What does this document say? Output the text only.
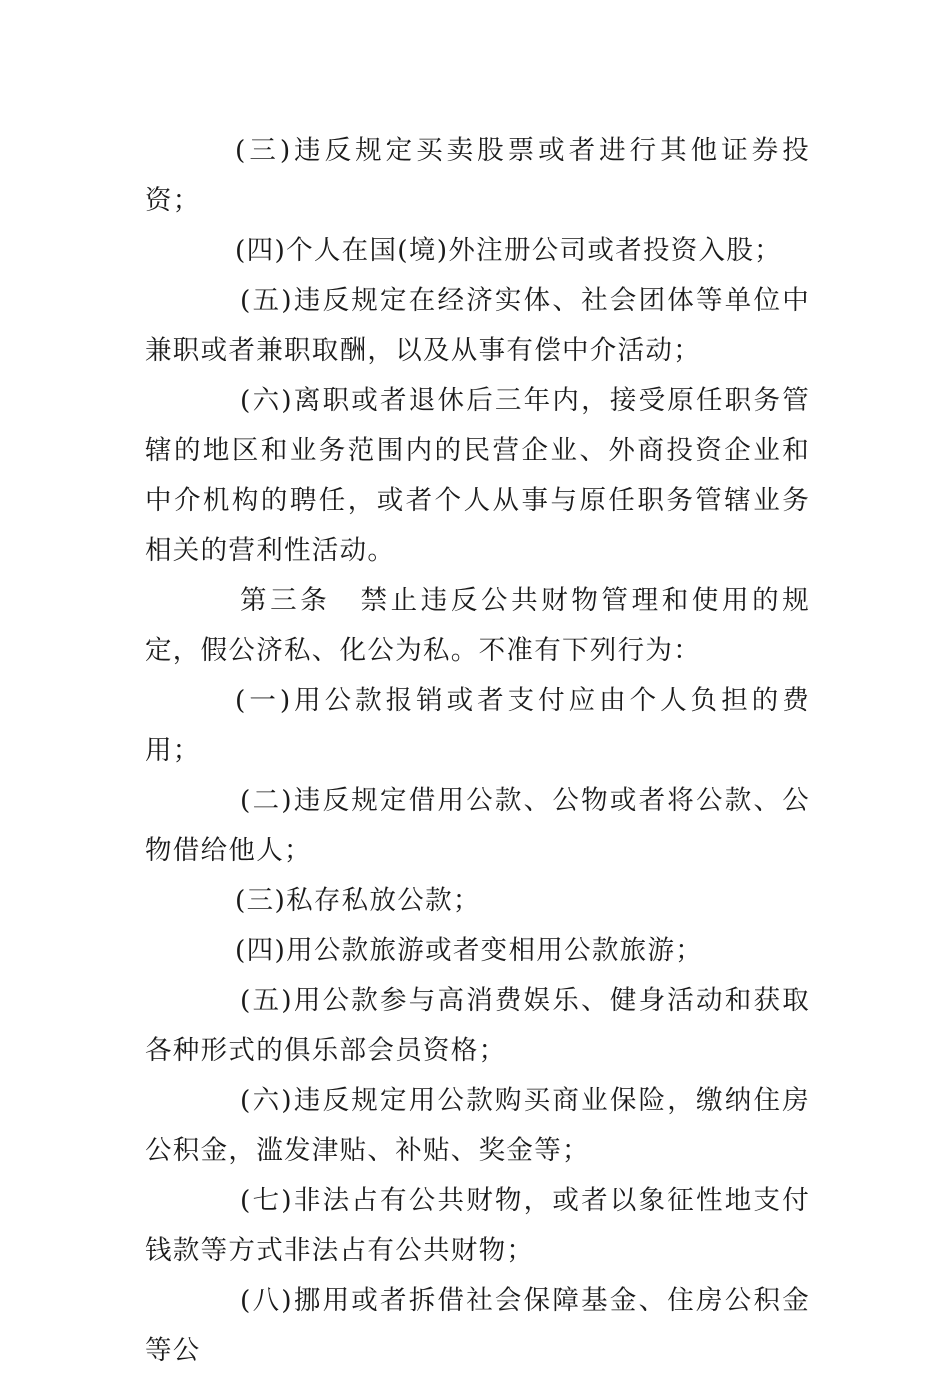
(三)违反规定买卖股票或者进行其他证券投资；

(四)个人在国(境)外注册公司或者投资入股；

(五)违反规定在经济实体、社会团体等单位中兼职或者兼职取酬，以及从事有偿中介活动；

(六)离职或者退休后三年内，接受原任职务管辖的地区和业务范围内的民营企业、外商投资企业和中介机构的聘任，或者个人从事与原任职务管辖业务相关的营利性活动。

第三条　禁止违反公共财物管理和使用的规定，假公济私、化公为私。不准有下列行为：

(一)用公款报销或者支付应由个人负担的费用；

(二)违反规定借用公款、公物或者将公款、公物借给他人；

(三)私存私放公款；

(四)用公款旅游或者变相用公款旅游；

(五)用公款参与高消费娱乐、健身活动和获取各种形式的俱乐部会员资格；

(六)违反规定用公款购买商业保险，缴纳住房公积金，滥发津贴、补贴、奖金等；

(七)非法占有公共财物，或者以象征性地支付钱款等方式非法占有公共财物；

(八)挪用或者拆借社会保障基金、住房公积金等公
